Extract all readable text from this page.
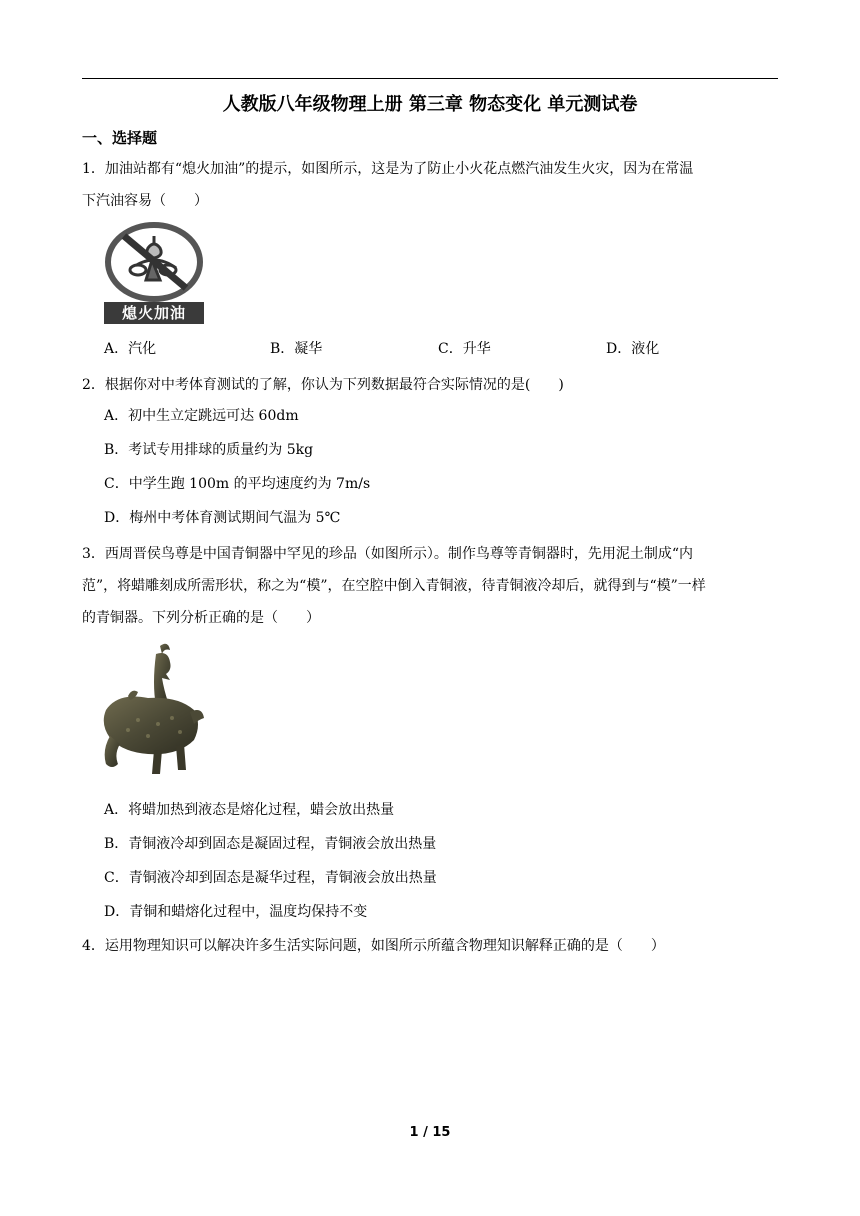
人教版八年级物理上册 第三章 物态变化 单元测试卷
一、选择题
1．加油站都有“熄火加油”的提示，如图所示，这是为了防止小火花点燃汽油发生火灾，因为在常温
下汽油容易（　　）
熄火加油
A．汽化	B．凝华	C．升华	D．液化
2．根据你对中考体育测试的了解，你认为下列数据最符合实际情况的是(　　)
A．初中生立定跳远可达 60dm
B．考试专用排球的质量约为 5kg
C．中学生跑 100m 的平均速度约为 7m/s
D．梅州中考体育测试期间气温为 5℃
3．西周晋侯鸟尊是中国青铜器中罕见的珍品（如图所示）。制作鸟尊等青铜器时，先用泥土制成“内
范”，将蜡雕刻成所需形状，称之为“模”，在空腔中倒入青铜液，待青铜液冷却后，就得到与“模”一样
的青铜器。下列分析正确的是（　　）
A．将蜡加热到液态是熔化过程，蜡会放出热量
B．青铜液冷却到固态是凝固过程，青铜液会放出热量
C．青铜液冷却到固态是凝华过程，青铜液会放出热量
D．青铜和蜡熔化过程中，温度均保持不变
4．运用物理知识可以解决许多生活实际问题，如图所示所蕴含物理知识解释正确的是（　　）
1 / 15
